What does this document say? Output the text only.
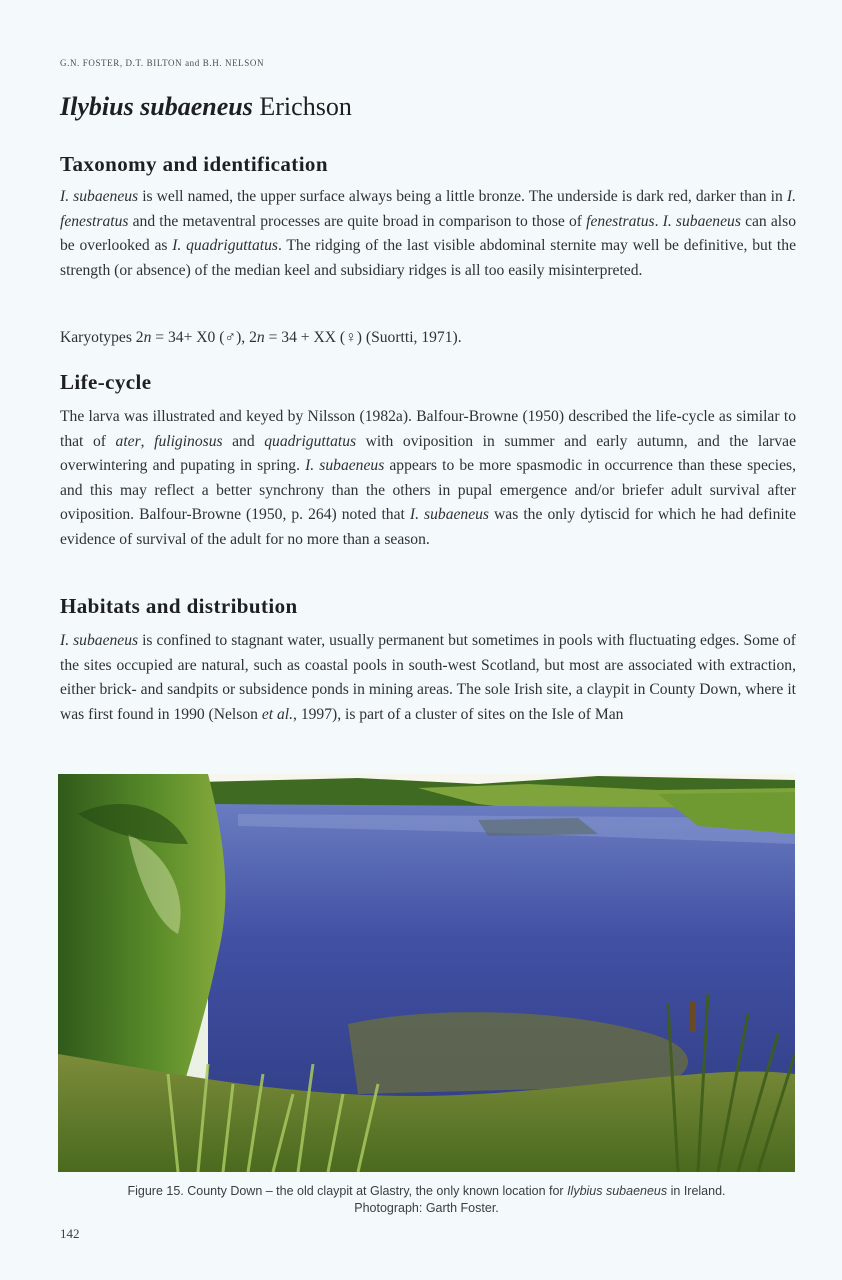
G.N. FOSTER, D.T. BILTON and B.H. NELSON
Ilybius subaeneus Erichson
Taxonomy and identification

I. subaeneus is well named, the upper surface always being a little bronze. The underside is dark red, darker than in I. fenestratus and the metaventral processes are quite broad in comparison to those of fenestratus. I. subaeneus can also be overlooked as I. quadriguttatus. The ridging of the last visible abdominal sternite may well be definitive, but the strength (or absence) of the median keel and subsidiary ridges is all too easily misinterpreted.

Karyotypes 2n = 34+ X0 (♂), 2n = 34 + XX (♀) (Suortti, 1971).

Life-cycle

The larva was illustrated and keyed by Nilsson (1982a). Balfour-Browne (1950) described the life-cycle as similar to that of ater, fuliginosus and quadriguttatus with oviposition in summer and early autumn, and the larvae overwintering and pupating in spring. I. subaeneus appears to be more spasmodic in occurrence than these species, and this may reflect a better synchrony than the others in pupal emergence and/or briefer adult survival after oviposition. Balfour-Browne (1950, p. 264) noted that I. subaeneus was the only dytiscid for which he had definite evidence of survival of the adult for no more than a season.

Habitats and distribution

I. subaeneus is confined to stagnant water, usually permanent but sometimes in pools with fluctuating edges. Some of the sites occupied are natural, such as coastal pools in south-west Scotland, but most are associated with extraction, either brick- and sandpits or subsidence ponds in mining areas. The sole Irish site, a claypit in County Down, where it was first found in 1990 (Nelson et al., 1997), is part of a cluster of sites on the Isle of Man

Figure 15. County Down – the old claypit at Glastry, the only known location for Ilybius subaeneus in Ireland.
Photograph: Garth Foster.

142
